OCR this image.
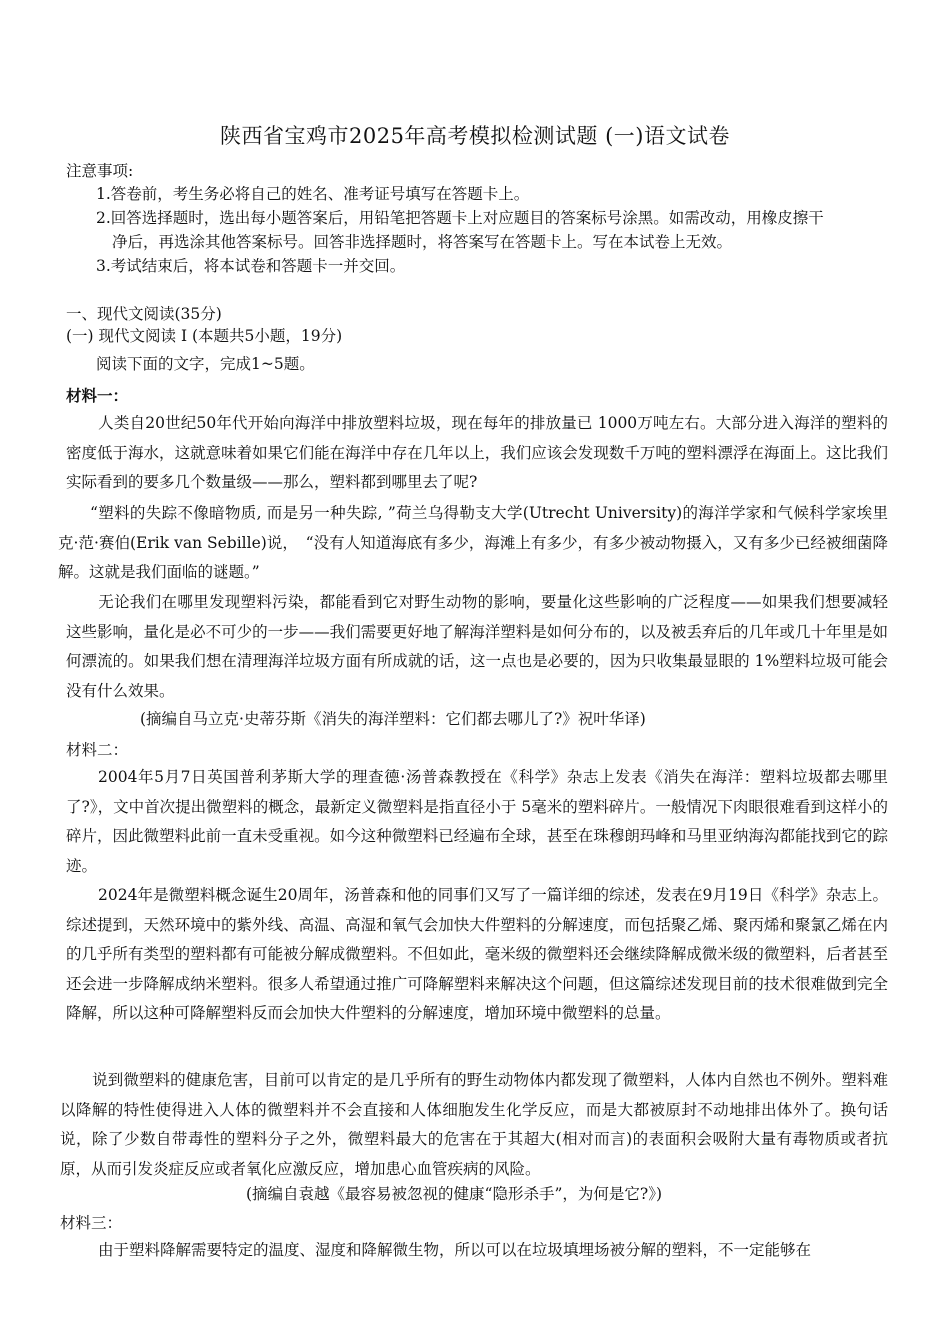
陕西省宝鸡市2025年高考模拟检测试题 (一)语文试卷
注意事项:
1.答卷前，考生务必将自己的姓名、准考证号填写在答题卡上。
2.回答选择题时，选出每小题答案后，用铅笔把答题卡上对应题目的答案标号涂黑。如需改动，用橡皮擦干
净后，再选涂其他答案标号。回答非选择题时，将答案写在答题卡上。写在本试卷上无效。
3.考试结束后，将本试卷和答题卡一并交回。
一、现代文阅读(35分)
(一) 现代文阅读 I (本题共5小题，19分)
阅读下面的文字，完成1~5题。
材料一：
人类自20世纪50年代开始向海洋中排放塑料垃圾，现在每年的排放量已 1000万吨左右。大部分进入海洋的塑料的密度低于海水，这就意味着如果它们能在海洋中存在几年以上，我们应该会发现数千万吨的塑料漂浮在海面上。这比我们实际看到的要多几个数量级——那么，塑料都到哪里去了呢?
“塑料的失踪不像暗物质, 而是另一种失踪, ”荷兰乌得勒支大学(Utrecht University)的海洋学家和气候科学家埃里克·范·赛伯(Erik van Sebille)说，　“没有人知道海底有多少，海滩上有多少，有多少被动物摄入，又有多少已经被细菌降解。这就是我们面临的谜题。”
无论我们在哪里发现塑料污染，都能看到它对野生动物的影响，要量化这些影响的广泛程度——如果我们想要减轻这些影响，量化是必不可少的一步——我们需要更好地了解海洋塑料是如何分布的，以及被丢弃后的几年或几十年里是如何漂流的。如果我们想在清理海洋垃圾方面有所成就的话，这一点也是必要的，因为只收集最显眼的 1%塑料垃圾可能会没有什么效果。
(摘编自马立克·史蒂芬斯《消失的海洋塑料：它们都去哪儿了?》祝叶华译)
材料二：
2004年5月7日英国普利茅斯大学的理查德·汤普森教授在《科学》杂志上发表《消失在海洋：塑料垃圾都去哪里了?》，文中首次提出微塑料的概念，最新定义微塑料是指直径小于 5毫米的塑料碎片。一般情况下肉眼很难看到这样小的碎片，因此微塑料此前一直未受重视。如今这种微塑料已经遍布全球，甚至在珠穆朗玛峰和马里亚纳海沟都能找到它的踪迹。
2024年是微塑料概念诞生20周年，汤普森和他的同事们又写了一篇详细的综述，发表在9月19日《科学》杂志上。综述提到，天然环境中的紫外线、高温、高湿和氧气会加快大件塑料的分解速度，而包括聚乙烯、聚丙烯和聚氯乙烯在内的几乎所有类型的塑料都有可能被分解成微塑料。不但如此，毫米级的微塑料还会继续降解成微米级的微塑料，后者甚至还会进一步降解成纳米塑料。很多人希望通过推广可降解塑料来解决这个问题，但这篇综述发现目前的技术很难做到完全降解，所以这种可降解塑料反而会加快大件塑料的分解速度，增加环境中微塑料的总量。
说到微塑料的健康危害，目前可以肯定的是几乎所有的野生动物体内都发现了微塑料，人体内自然也不例外。塑料难以降解的特性使得进入人体的微塑料并不会直接和人体细胞发生化学反应，而是大都被原封不动地排出体外了。换句话说，除了少数自带毒性的塑料分子之外，微塑料最大的危害在于其超大(相对而言)的表面积会吸附大量有毒物质或者抗原，从而引发炎症反应或者氧化应激反应，增加患心血管疾病的风险。
(摘编自袁越《最容易被忽视的健康“隐形杀手”，为何是它?》)
材料三：
由于塑料降解需要特定的温度、湿度和降解微生物，所以可以在垃圾填埋场被分解的塑料，不一定能够在
